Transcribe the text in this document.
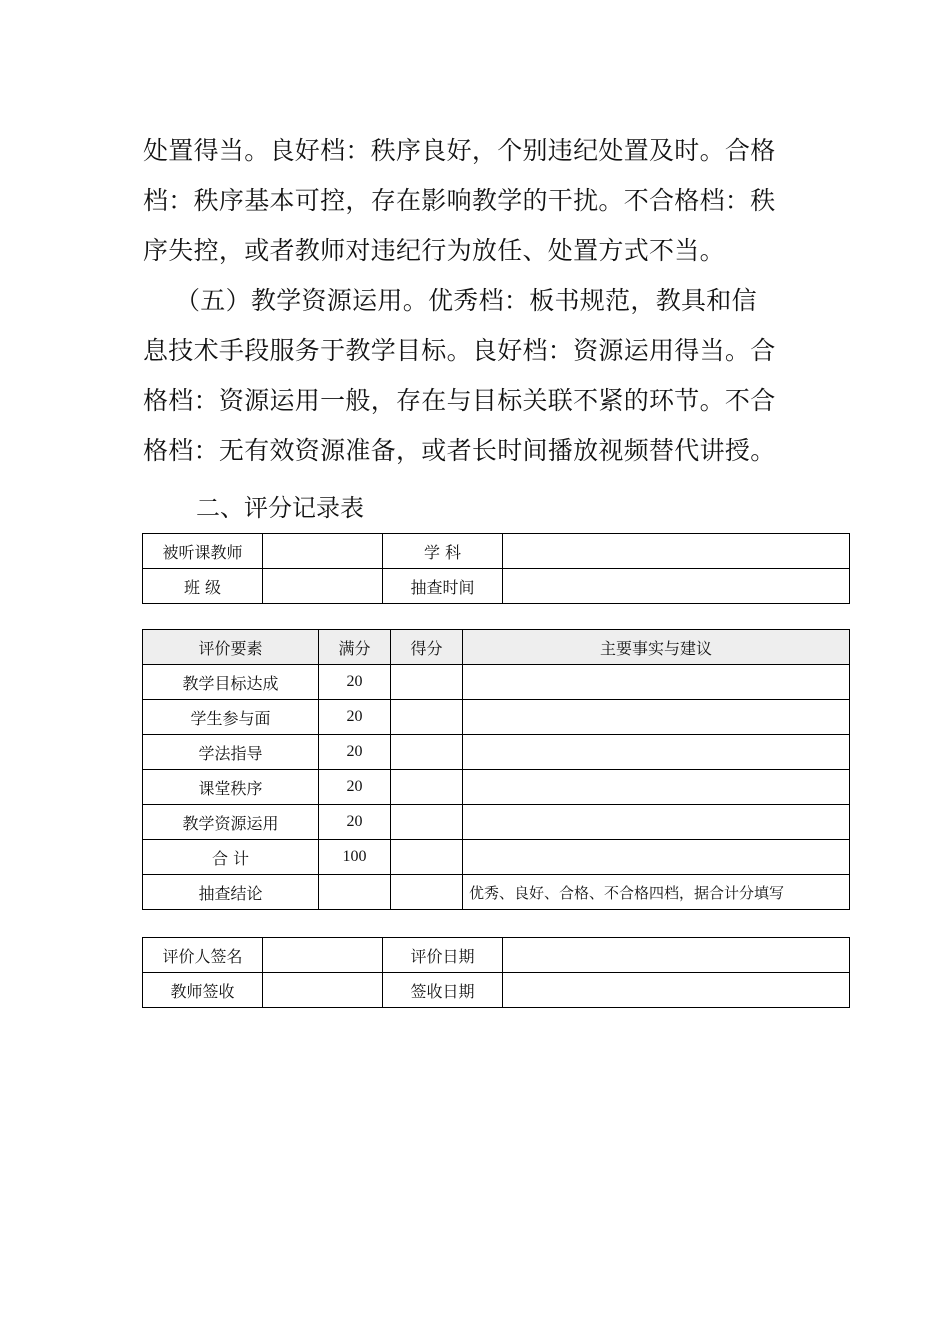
处置得当。良好档：秩序良好，个别违纪处置及时。合格
档：秩序基本可控，存在影响教学的干扰。不合格档：秩
序失控，或者教师对违纪行为放任、处置方式不当。
（五）教学资源运用。优秀档：板书规范，教具和信
息技术手段服务于教学目标。良好档：资源运用得当。合
格档：资源运用一般，存在与目标关联不紧的环节。不合
格档：无有效资源准备，或者长时间播放视频替代讲授。
二、评分记录表
被听课教师		学 科	
班 级		抽查时间	
评价要素	满分	得分	主要事实与建议
教学目标达成	20		
学生参与面	20		
学法指导	20		
课堂秩序	20		
教学资源运用	20		
合 计	100		
抽查结论			优秀、良好、合格、不合格四档，据合计分填写
评价人签名		评价日期	
教师签收		签收日期	
